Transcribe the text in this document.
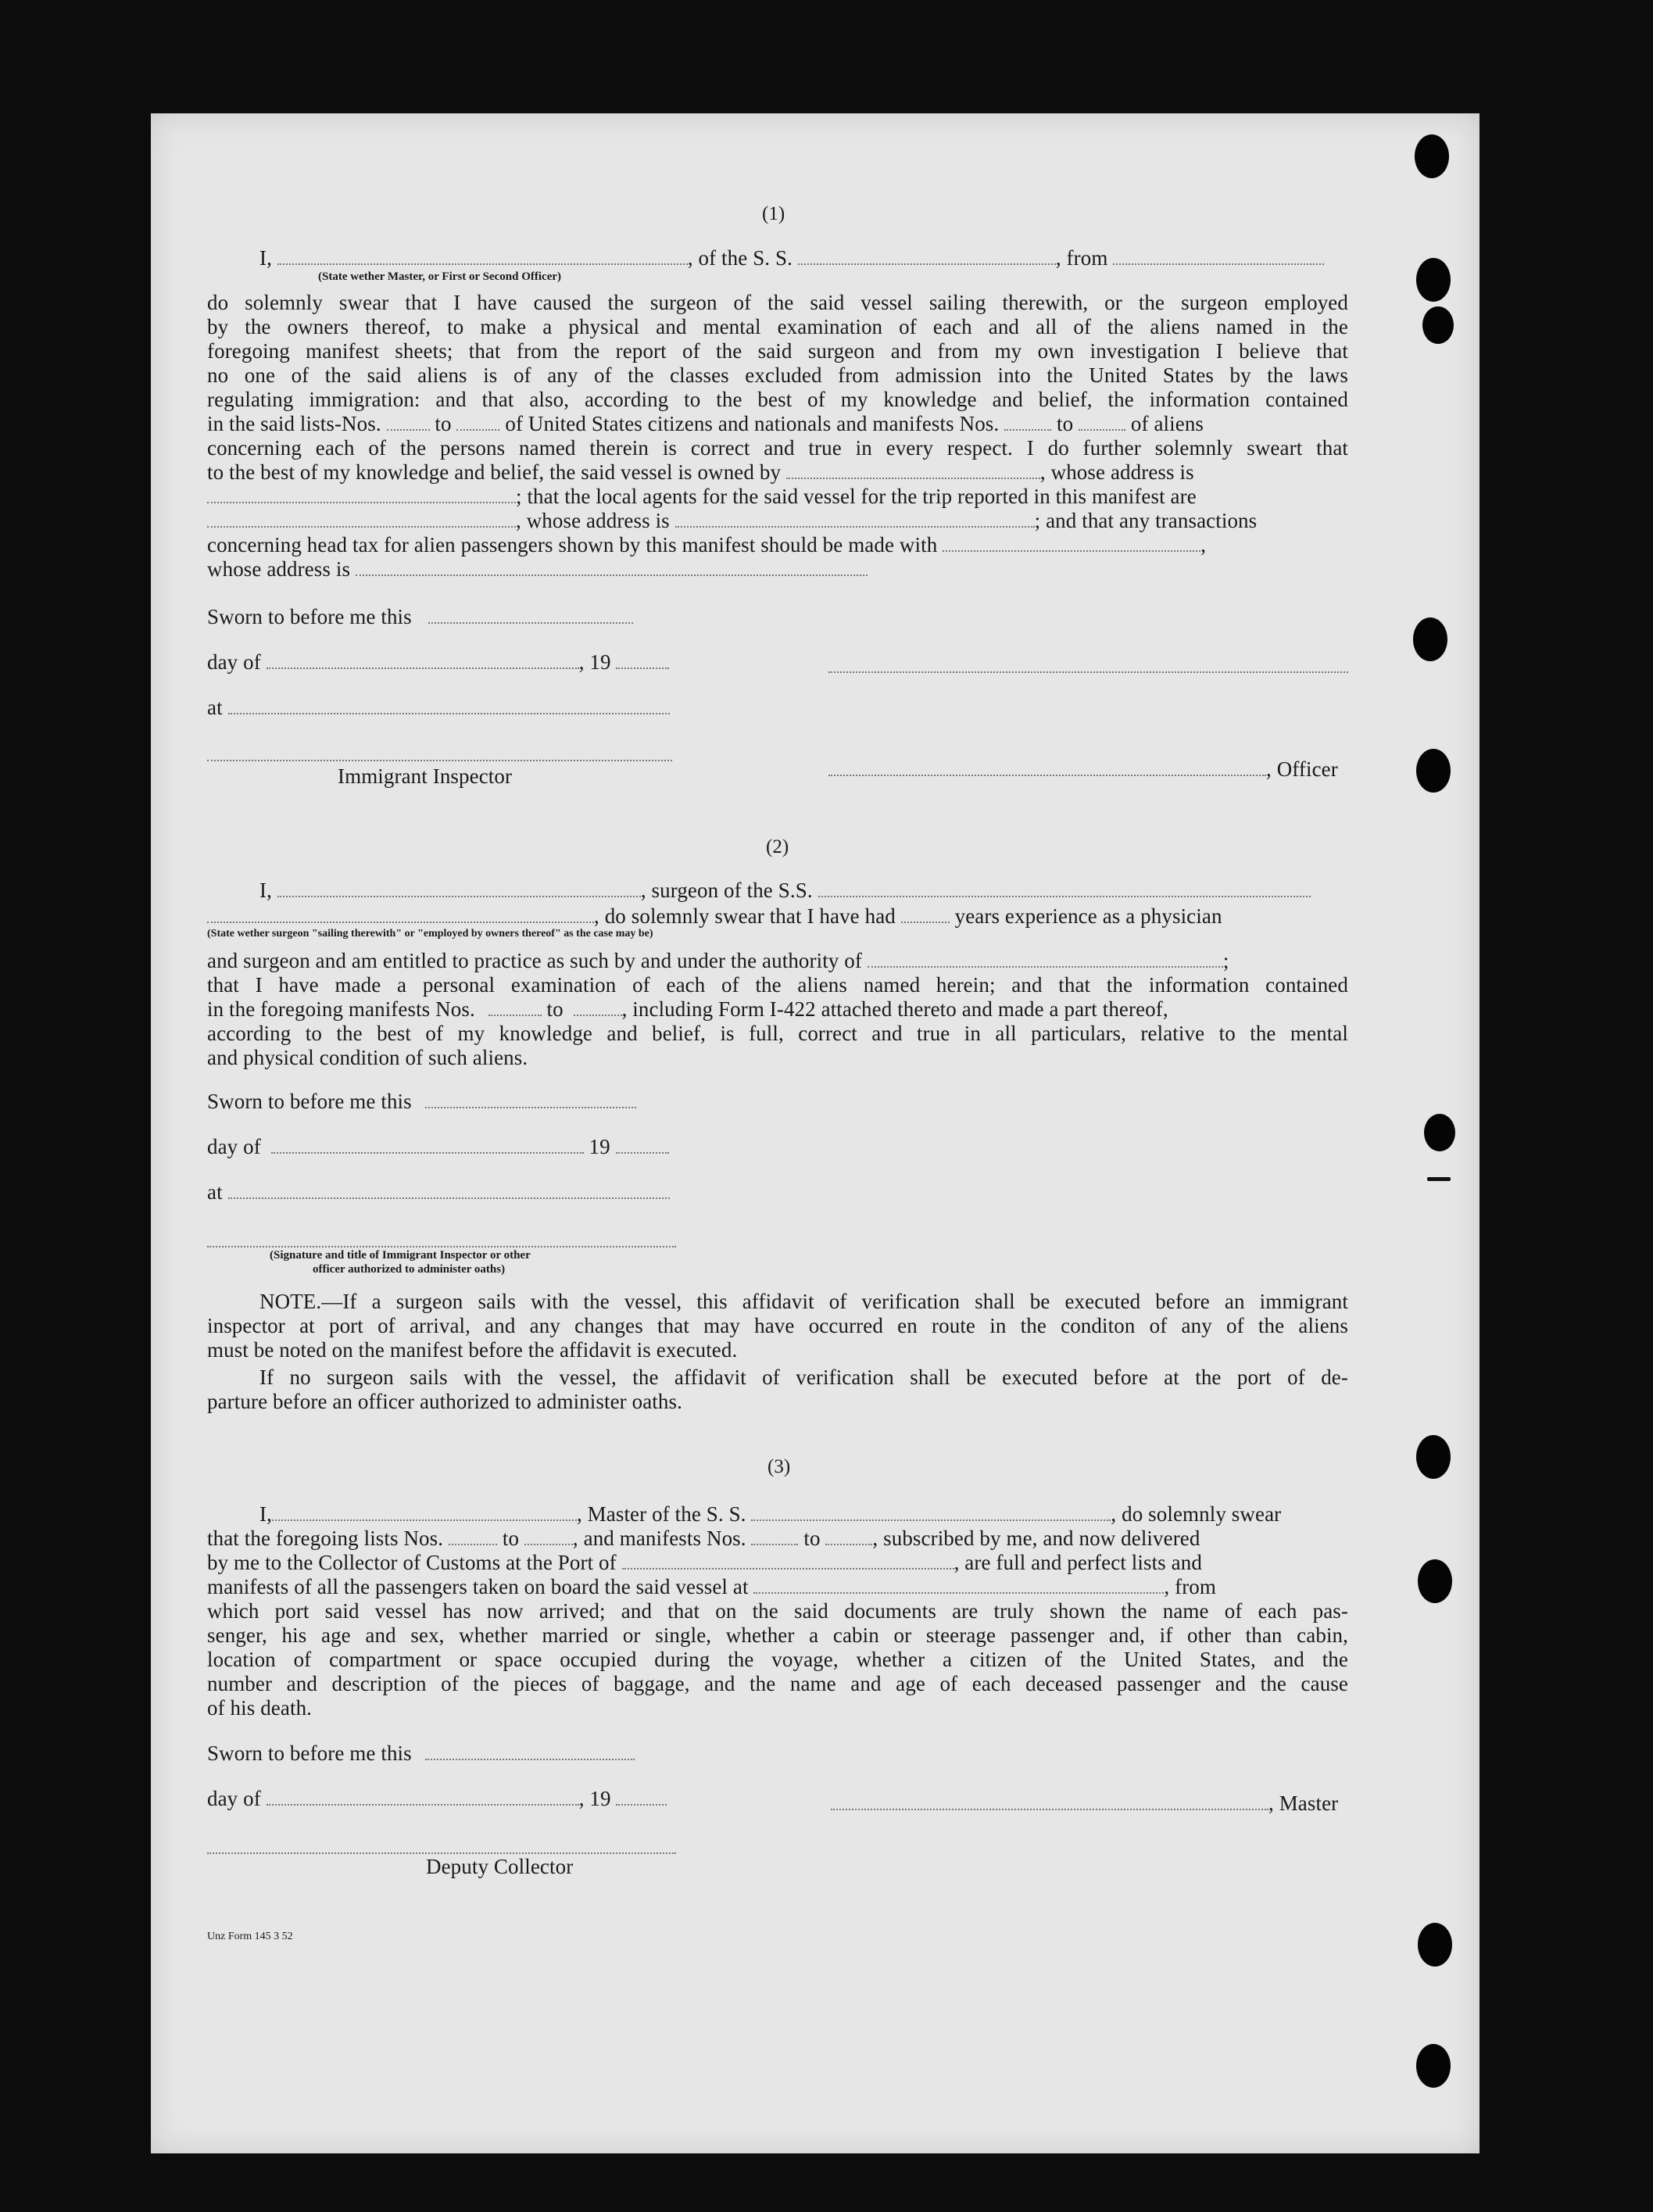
(1)
I,	, of the S. S.	, from
(State wether Master, or First or Second Officer)
do solemnly swear that I have caused the surgeon of the said vessel sailing therewith, or the surgeon employed
by the owners thereof, to make a physical and mental examination of each and all of the aliens named in the
foregoing manifest sheets; that from the report of the said surgeon and from my own investigation I believe that
no one of the said aliens is of any of the classes excluded from admission into the United States by the laws
regulating immigration: and that also, according to the best of my knowledge and belief, the information contained
in the said lists-Nos.	to	of United States citizens and nationals and manifests Nos.	to	of aliens
concerning each of the persons named therein is correct and true in every respect. I do further solemnly sweart that
to the best of my knowledge and belief, the said vessel is owned by	, whose address is
; that the local agents for the said vessel for the trip reported in this manifest are
, whose address is	; and that any transactions
concerning head tax for alien passengers shown by this manifest should be made with	,
whose address is
Sworn to before me this
day of	, 19
at
Immigrant Inspector	, Officer
(2)
I,	, surgeon of the S.S.
, do solemnly swear that I have had	years experience as a physician
(State wether surgeon "sailing therewith" or "employed by owners thereof" as the case may be)
and surgeon and am entitled to practice as such by and under the authority of	;
that I have made a personal examination of each of the aliens named herein; and that the information contained
in the foregoing manifests Nos.	to	, including Form I-422 attached thereto and made a part thereof,
according to the best of my knowledge and belief, is full, correct and true in all particulars, relative to the mental
and physical condition of such aliens.
Sworn to before me this
day of	19
at
(Signature and title of Immigrant Inspector or other
officer authorized to administer oaths)
NOTE.—If a surgeon sails with the vessel, this affidavit of verification shall be executed before an immigrant
inspector at port of arrival, and any changes that may have occurred en route in the conditon of any of the aliens
must be noted on the manifest before the affidavit is executed.
If no surgeon sails with the vessel, the affidavit of verification shall be executed before at the port of de-
parture before an officer authorized to administer oaths.
(3)
I,	, Master of the S. S.	, do solemnly swear
that the foregoing lists Nos.	to	, and manifests Nos.	to , subscribed by me, and now delivered
by me to the Collector of Customs at the Port of	, are full and perfect lists and
manifests of all the passengers taken on board the said vessel at	, from
which port said vessel has now arrived; and that on the said documents are truly shown the name of each pas-
senger, his age and sex, whether married or single, whether a cabin or steerage passenger and, if other than cabin,
location of compartment or space occupied during the voyage, whether a citizen of the United States, and the
number and description of the pieces of baggage, and the name and age of each deceased passenger and the cause
of his death.
Sworn to before me this
day of	, 19	, Master
Deputy Collector
Unz Form 145 3 52
